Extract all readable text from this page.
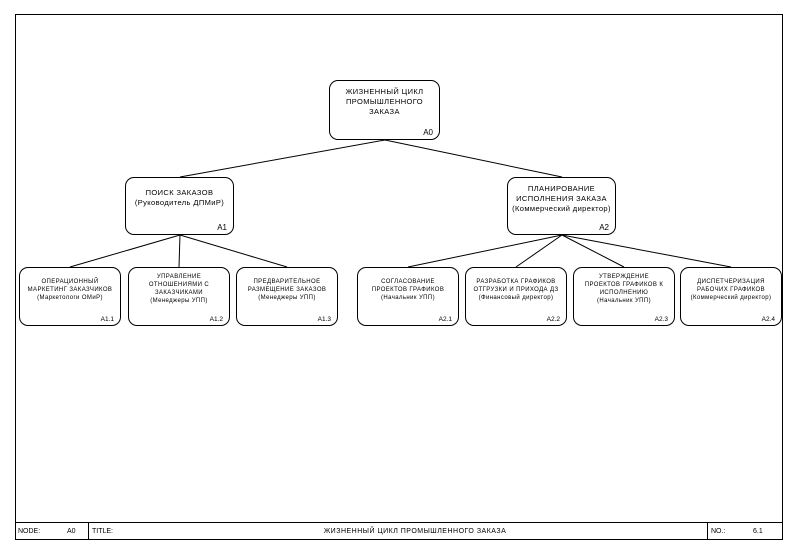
ЖИЗНЕННЫЙ ЦИКЛ
ПРОМЫШЛЕННОГО
ЗАКАЗА
A0
ПОИСК ЗАКАЗОВ
(Руководитель ДПМиР)
A1
ПЛАНИРОВАНИЕ
ИСПОЛНЕНИЯ ЗАКАЗА
(Коммерческий директор)
A2
ОПЕРАЦИОННЫЙ
МАРКЕТИНГ ЗАКАЗЧИКОВ
(Маркетологи ОМиР)
A1.1
УПРАВЛЕНИЕ
ОТНОШЕНИЯМИ С
ЗАКАЗЧИКАМИ
(Менеджеры УПП)
A1.2
ПРЕДВАРИТЕЛЬНОЕ
РАЗМЕЩЕНИЕ ЗАКАЗОВ
(Менеджеры УПП)
A1.3
СОГЛАСОВАНИЕ
ПРОЕКТОВ ГРАФИКОВ
(Начальник УПП)
A2.1
РАЗРАБОТКА ГРАФИКОВ
ОТГРУЗКИ И ПРИХОДА ДЗ
(Финансовый директор)
A2.2
УТВЕРЖДЕНИЕ
ПРОЕКТОВ ГРАФИКОВ К
ИСПОЛНЕНИЮ
(Начальник УПП)
A2.3
ДИСПЕТЧЕРИЗАЦИЯ
РАБОЧИХ ГРАФИКОВ
(Коммерческий директор)
A2.4
NODE:	A0 TITLE:	ЖИЗНЕННЫЙ ЦИКЛ ПРОМЫШЛЕННОГО ЗАКАЗА	NO.:	6.1
